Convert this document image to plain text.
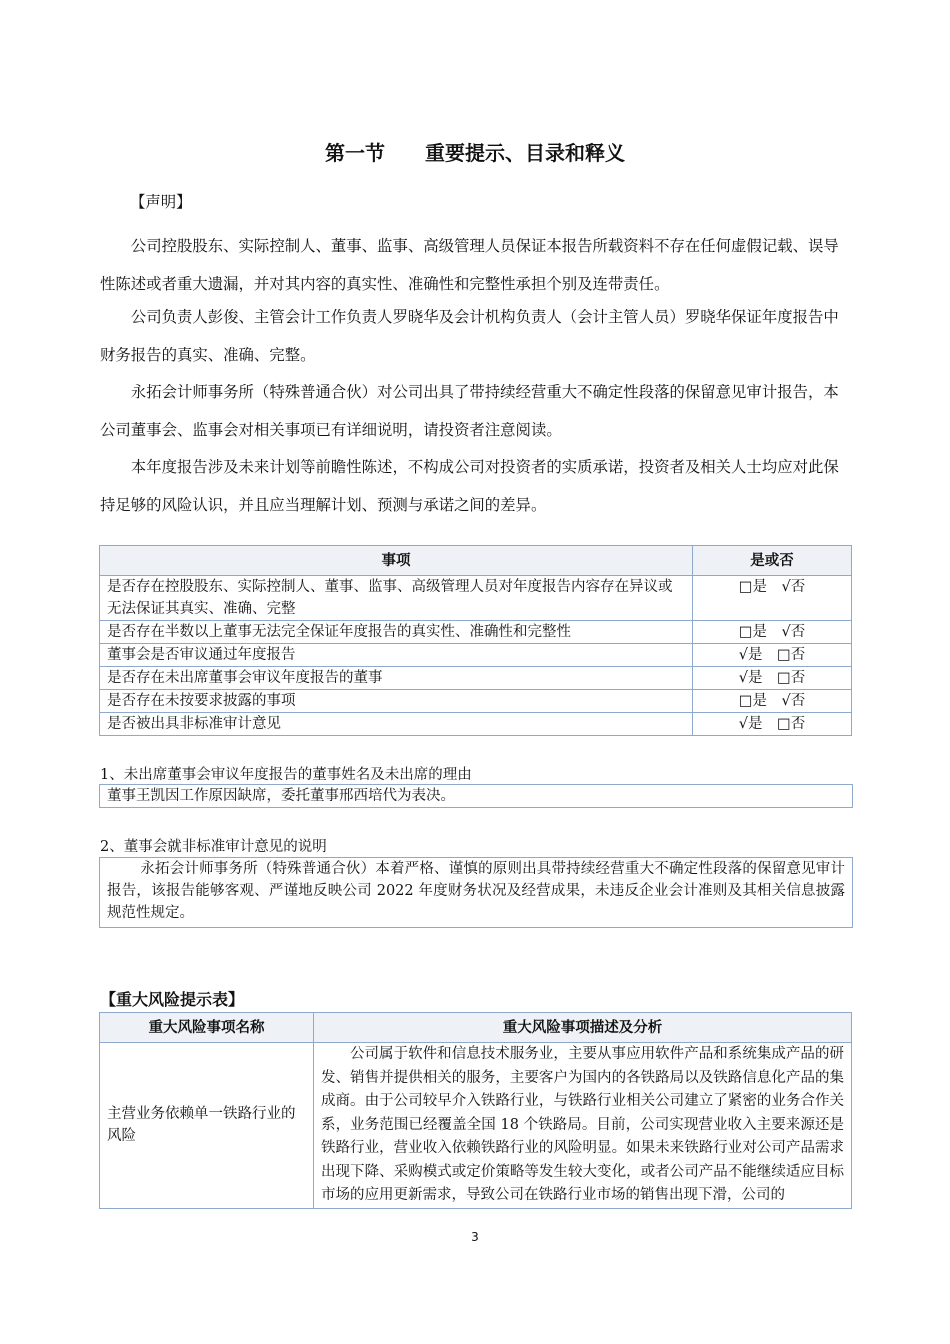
第一节　　重要提示、目录和释义
【声明】

公司控股股东、实际控制人、董事、监事、高级管理人员保证本报告所载资料不存在任何虚假记载、误导性陈述或者重大遗漏，并对其内容的真实性、准确性和完整性承担个别及连带责任。

公司负责人彭俊、主管会计工作负责人罗晓华及会计机构负责人（会计主管人员）罗晓华保证年度报告中财务报告的真实、准确、完整。

永拓会计师事务所（特殊普通合伙）对公司出具了带持续经营重大不确定性段落的保留意见审计报告，本公司董事会、监事会对相关事项已有详细说明，请投资者注意阅读。

本年度报告涉及未来计划等前瞻性陈述，不构成公司对投资者的实质承诺，投资者及相关人士均应对此保持足够的风险认识，并且应当理解计划、预测与承诺之间的差异。

事项	是或否
是否存在控股股东、实际控制人、董事、监事、高级管理人员对年度报告内容存在异议或无法保证其真实、准确、完整	□是　√否
是否存在半数以上董事无法完全保证年度报告的真实性、准确性和完整性	□是　√否
董事会是否审议通过年度报告	√是　□否
是否存在未出席董事会审议年度报告的董事	√是　□否
是否存在未按要求披露的事项	□是　√否
是否被出具非标准审计意见	√是　□否
1、未出席董事会审议年度报告的董事姓名及未出席的理由
董事王凯因工作原因缺席，委托董事邢西培代为表决。
2、董事会就非标准审计意见的说明
永拓会计师事务所（特殊普通合伙）本着严格、谨慎的原则出具带持续经营重大不确定性段落的保留意见审计报告，该报告能够客观、严谨地反映公司 2022 年度财务状况及经营成果，未违反企业会计准则及其相关信息披露规范性规定。
【重大风险提示表】
重大风险事项名称	重大风险事项描述及分析
主营业务依赖单一铁路行业的风险	公司属于软件和信息技术服务业，主要从事应用软件产品和系统集成产品的研发、销售并提供相关的服务，主要客户为国内的各铁路局以及铁路信息化产品的集成商。由于公司较早介入铁路行业，与铁路行业相关公司建立了紧密的业务合作关系，业务范围已经覆盖全国 18 个铁路局。目前，公司实现营业收入主要来源还是铁路行业，营业收入依赖铁路行业的风险明显。如果未来铁路行业对公司产品需求出现下降、采购模式或定价策略等发生较大变化，或者公司产品不能继续适应目标市场的应用更新需求，导致公司在铁路行业市场的销售出现下滑，公司的
3
